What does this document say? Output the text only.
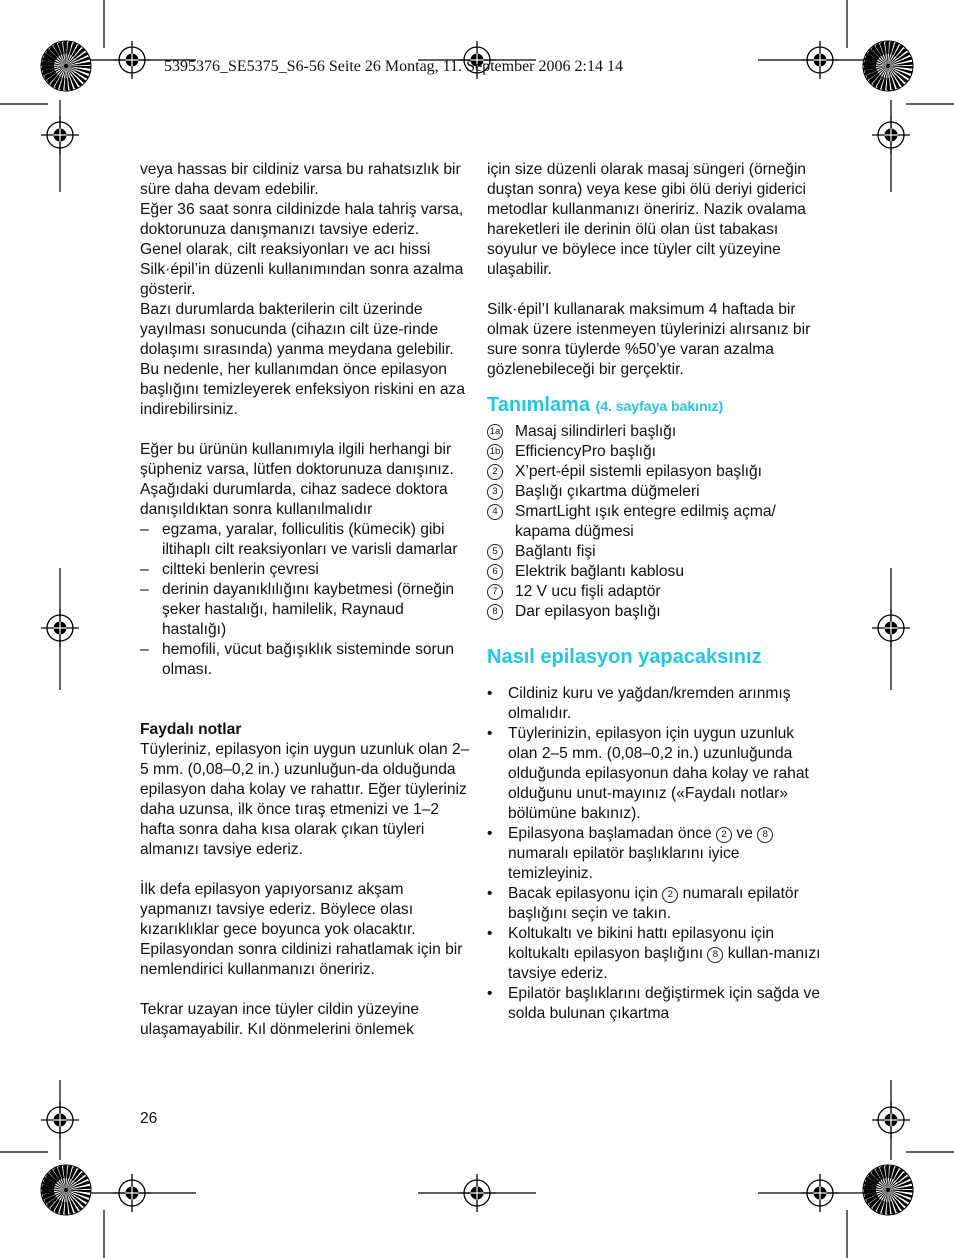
5395376_SE5375_S6-56 Seite 26 Montag, 11. September 2006 2:14 14

veya hassas bir cildiniz varsa bu rahatsızlık bir süre daha devam edebilir.

Eğer 36 saat sonra cildinizde hala tahriş varsa, doktorunuza danışmanızı tavsiye ederiz.

Genel olarak, cilt reaksiyonları ve acı hissi Silk·épil’in düzenli kullanımından sonra azalma gösterir.

Bazı durumlarda bakterilerin cilt üzerinde yayılması sonucunda (cihazın cilt üze-rinde dolaşımı sırasında) yanma meydana gelebilir. Bu nedenle, her kullanımdan önce epilasyon başlığını temizleyerek enfeksiyon riskini en aza indirebilirsiniz.

Eğer bu ürünün kullanımıyla ilgili herhangi bir şüpheniz varsa, lütfen doktorunuza danışınız. Aşağıdaki durumlarda, cihaz sadece doktora danışıldıktan sonra kullanılmalıdır

– egzama, yaralar, folliculitis (kümecik) gibi iltihaplı cilt reaksiyonları ve varisli damarlar
– ciltteki benlerin çevresi
– derinin dayanıklılığını kaybetmesi (örneğin şeker hastalığı, hamilelik, Raynaud hastalığı)
– hemofili, vücut bağışıklık sisteminde sorun olması.

Faydalı notlar

Tüyleriniz, epilasyon için uygun uzunluk olan 2–5 mm. (0,08–0,2 in.) uzunluğun-da olduğunda epilasyon daha kolay ve rahattır. Eğer tüyleriniz daha uzunsa, ilk önce tıraş etmenizi ve 1–2 hafta sonra daha kısa olarak çıkan tüyleri almanızı tavsiye ederiz.

İlk defa epilasyon yapıyorsanız akşam yapmanızı tavsiye ederiz. Böylece olası kızarıklıklar gece boyunca yok olacaktır. Epilasyondan sonra cildinizi rahatlamak için bir nemlendirici kullanmanızı öneririz.

Tekrar uzayan ince tüyler cildin yüzeyine ulaşamayabilir. Kıl dönmelerini önlemek

için size düzenli olarak masaj süngeri (örneğin duştan sonra) veya kese gibi ölü deriyi giderici metodlar kullanmanızı öneririz. Nazik ovalama hareketleri ile derinin ölü olan üst tabakası soyulur ve böylece ince tüyler cilt yüzeyine ulaşabilir.

Silk·épil’I kullanarak maksimum 4 haftada bir olmak üzere istenmeyen tüylerinizi alırsanız bir sure sonra tüylerde %50’ye varan azalma gözlenebileceği bir gerçektir.

Tanımlama (4. sayfaya bakınız)
1a Masaj silindirleri başlığı
1b EfficiencyPro başlığı
2	X’pert-épil sistemli epilasyon başlığı
3	Başlığı çıkartma düğmeleri
4	SmartLight ışık entegre edilmiş açma/ kapama düğmesi
5	Bağlantı fişi
6	Elektrik bağlantı kablosu
7	12 V ucu fişli adaptör
8	Dar epilasyon başlığı
Nasıl epilasyon yapacaksınız
• Cildiniz kuru ve yağdan/kremden arınmış olmalıdır.
• Tüylerinizin, epilasyon için uygun uzunluk olan 2–5 mm. (0,08–0,2 in.) uzunluğunda olduğunda epilasyonun daha kolay ve rahat olduğunu unut-mayınız («Faydalı notlar» bölümüne bakınız).
• Epilasyona başlamadan önce 2 ve 8 numaralı epilatör başlıklarını iyice temizleyiniz.
• Bacak epilasyonu için 2 numaralı epilatör başlığını seçin ve takın.
• Koltukaltı ve bikini hattı epilasyonu için koltukaltı epilasyon başlığını 8 kullan-manızı tavsiye ederiz.
• Epilatör başlıklarını değiştirmek için sağda ve solda bulunan çıkartma
26
